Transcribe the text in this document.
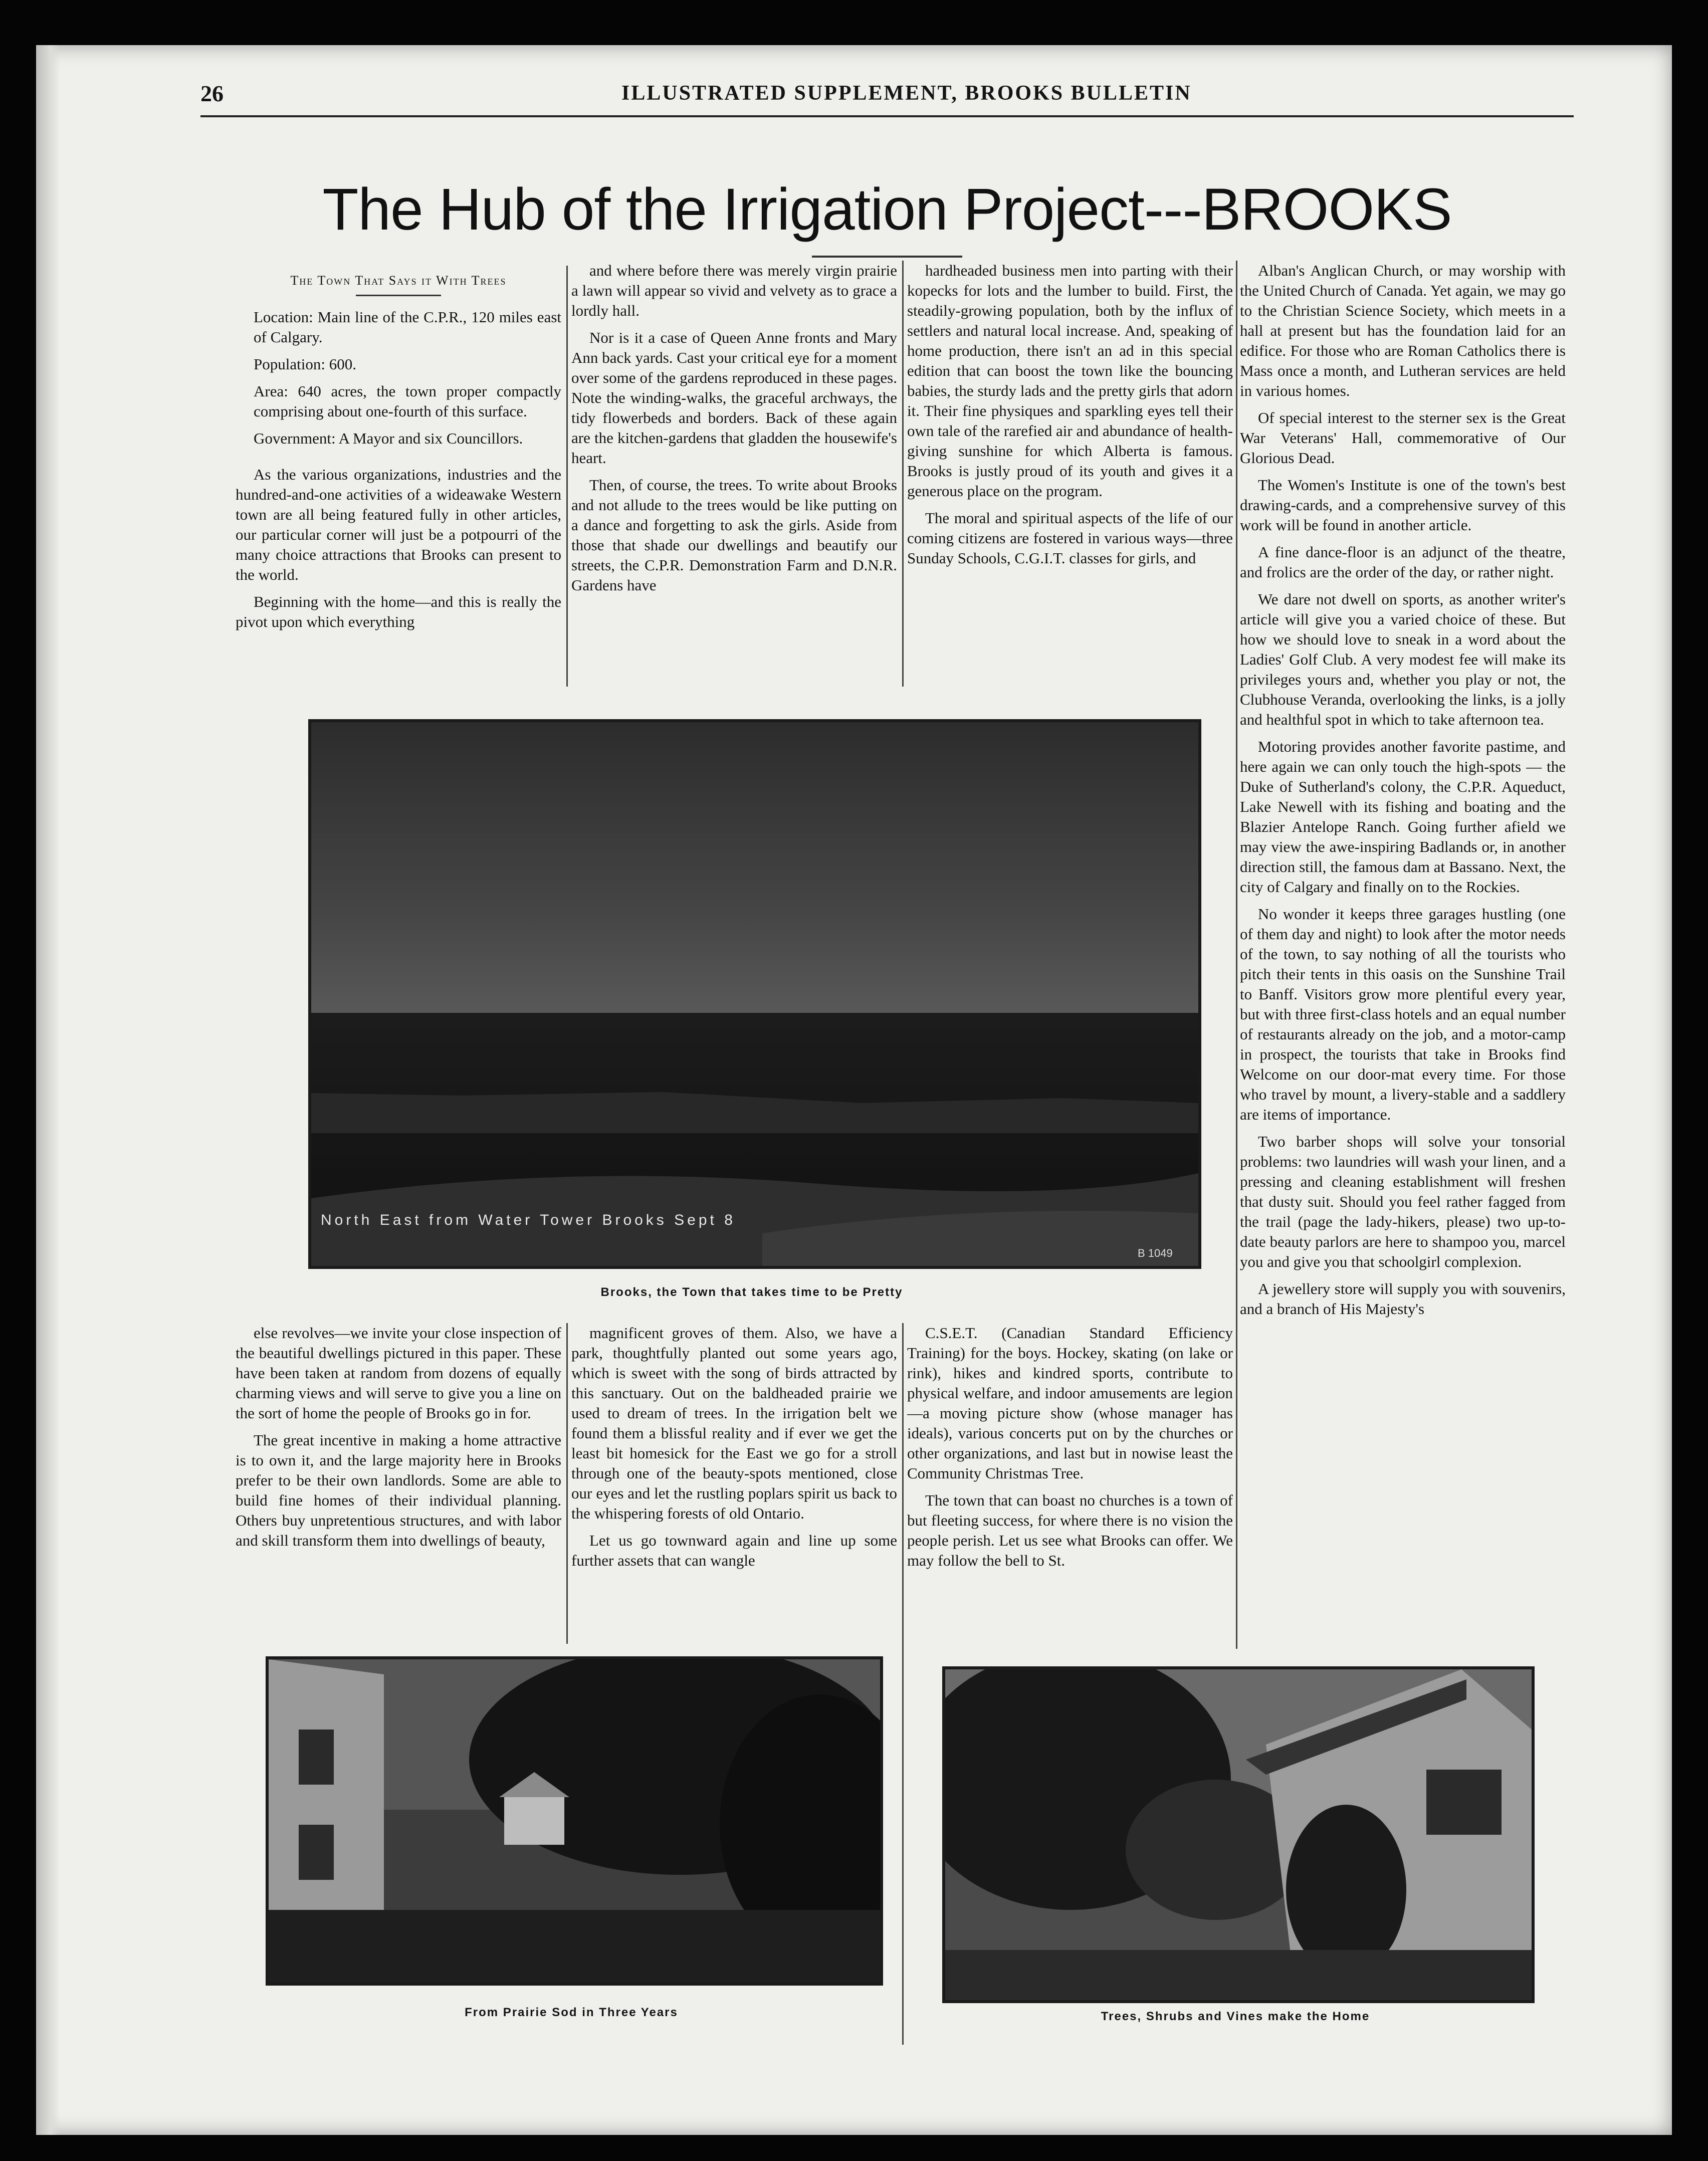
26	ILLUSTRATED SUPPLEMENT, BROOKS BULLETIN
The Hub of the Irrigation Project---BROOKS
The Town That Says it With Trees

Location: Main line of the C.P.R., 120 miles east of Calgary.

Population: 600.

Area: 640 acres, the town proper compactly comprising about one-fourth of this surface.

Government: A Mayor and six Councillors.

As the various organizations, industries and the hundred-and-one activities of a wideawake Western town are all being featured fully in other articles, our particular corner will just be a potpourri of the many choice attractions that Brooks can present to the world.

Beginning with the home—and this is really the pivot upon which everything

and where before there was merely virgin prairie a lawn will appear so vivid and velvety as to grace a lordly hall.

Nor is it a case of Queen Anne fronts and Mary Ann back yards. Cast your critical eye for a moment over some of the gardens reproduced in these pages. Note the winding-walks, the graceful archways, the tidy flowerbeds and borders. Back of these again are the kitchen-gardens that gladden the housewife's heart.

Then, of course, the trees. To write about Brooks and not allude to the trees would be like putting on a dance and forgetting to ask the girls. Aside from those that shade our dwellings and beautify our streets, the C.P.R. Demonstration Farm and D.N.R. Gardens have

hardheaded business men into parting with their kopecks for lots and the lumber to build. First, the steadily-growing population, both by the influx of settlers and natural local increase. And, speaking of home production, there isn't an ad in this special edition that can boost the town like the bouncing babies, the sturdy lads and the pretty girls that adorn it. Their fine physiques and sparkling eyes tell their own tale of the rarefied air and abundance of health-giving sunshine for which Alberta is famous. Brooks is justly proud of its youth and gives it a generous place on the program.

The moral and spiritual aspects of the life of our coming citizens are fostered in various ways—three Sunday Schools, C.G.I.T. classes for girls, and

Alban's Anglican Church, or may worship with the United Church of Canada. Yet again, we may go to the Christian Science Society, which meets in a hall at present but has the foundation laid for an edifice. For those who are Roman Catholics there is Mass once a month, and Lutheran services are held in various homes.

Of special interest to the sterner sex is the Great War Veterans' Hall, commemorative of Our Glorious Dead.

The Women's Institute is one of the town's best drawing-cards, and a comprehensive survey of this work will be found in another article.

A fine dance-floor is an adjunct of the theatre, and frolics are the order of the day, or rather night.

We dare not dwell on sports, as another writer's article will give you a varied choice of these. But how we should love to sneak in a word about the Ladies' Golf Club. A very modest fee will make its privileges yours and, whether you play or not, the Clubhouse Veranda, overlooking the links, is a jolly and healthful spot in which to take afternoon tea.

Motoring provides another favorite pastime, and here again we can only touch the high-spots — the Duke of Sutherland's colony, the C.P.R. Aqueduct, Lake Newell with its fishing and boating and the Blazier Antelope Ranch. Going further afield we may view the awe-inspiring Badlands or, in another direction still, the famous dam at Bassano. Next, the city of Calgary and finally on to the Rockies.

No wonder it keeps three garages hustling (one of them day and night) to look after the motor needs of the town, to say nothing of all the tourists who pitch their tents in this oasis on the Sunshine Trail to Banff. Visitors grow more plentiful every year, but with three first-class hotels and an equal number of restaurants already on the job, and a motor-camp in prospect, the tourists that take in Brooks find Welcome on our door-mat every time. For those who travel by mount, a livery-stable and a saddlery are items of importance.

Two barber shops will solve your tonsorial problems: two laundries will wash your linen, and a pressing and cleaning establishment will freshen that dusty suit. Should you feel rather fagged from the trail (page the lady-hikers, please) two up-to-date beauty parlors are here to shampoo you, marcel you and give you that schoolgirl complexion.

A jewellery store will supply you with souvenirs, and a branch of His Majesty's

North East from Water Tower Brooks Sept 8
B 1049
Brooks, the Town that takes time to be Pretty

else revolves—we invite your close inspection of the beautiful dwellings pictured in this paper. These have been taken at random from dozens of equally charming views and will serve to give you a line on the sort of home the people of Brooks go in for.

The great incentive in making a home attractive is to own it, and the large majority here in Brooks prefer to be their own landlords. Some are able to build fine homes of their individual planning. Others buy unpretentious structures, and with labor and skill transform them into dwellings of beauty,

magnificent groves of them. Also, we have a park, thoughtfully planted out some years ago, which is sweet with the song of birds attracted by this sanctuary. Out on the baldheaded prairie we used to dream of trees. In the irrigation belt we found them a blissful reality and if ever we get the least bit homesick for the East we go for a stroll through one of the beauty-spots mentioned, close our eyes and let the rustling poplars spirit us back to the whispering forests of old Ontario.

Let us go townward again and line up some further assets that can wangle

C.S.E.T. (Canadian Standard Efficiency Training) for the boys. Hockey, skating (on lake or rink), hikes and kindred sports, contribute to physical welfare, and indoor amusements are legion—a moving picture show (whose manager has ideals), various concerts put on by the churches or other organizations, and last but in nowise least the Community Christmas Tree.

The town that can boast no churches is a town of but fleeting success, for where there is no vision the people perish. Let us see what Brooks can offer. We may follow the bell to St.

From Prairie Sod in Three Years	Trees, Shrubs and Vines make the Home
